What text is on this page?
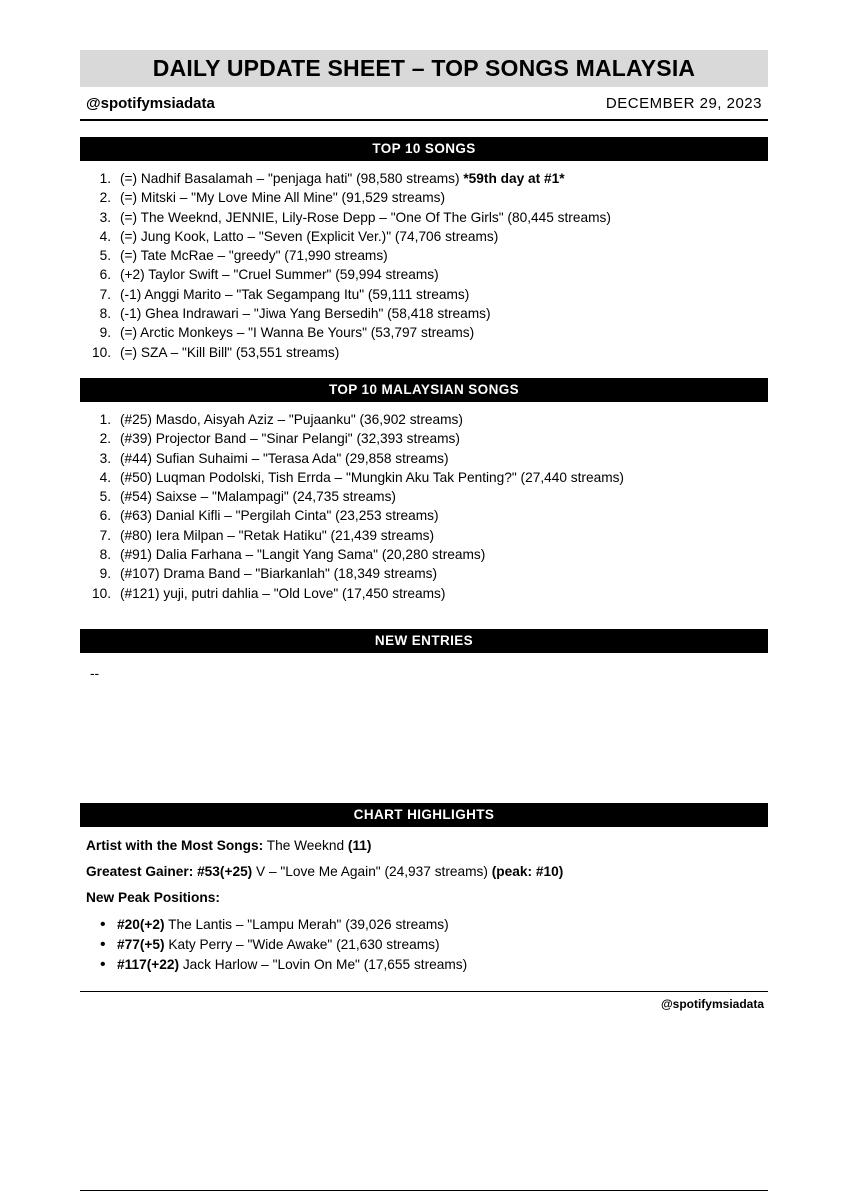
DAILY UPDATE SHEET – TOP SONGS MALAYSIA
@spotifymsiadata	DECEMBER 29, 2023
TOP 10 SONGS
1. (=) Nadhif Basalamah – "penjaga hati" (98,580 streams) *59th day at #1*
2. (=) Mitski – "My Love Mine All Mine" (91,529 streams)
3. (=) The Weeknd, JENNIE, Lily-Rose Depp – "One Of The Girls" (80,445 streams)
4. (=) Jung Kook, Latto – "Seven (Explicit Ver.)" (74,706 streams)
5. (=) Tate McRae – "greedy" (71,990 streams)
6. (+2) Taylor Swift – "Cruel Summer" (59,994 streams)
7. (-1) Anggi Marito – "Tak Segampang Itu" (59,111 streams)
8. (-1) Ghea Indrawari – "Jiwa Yang Bersedih" (58,418 streams)
9. (=) Arctic Monkeys – "I Wanna Be Yours" (53,797 streams)
10. (=) SZA – "Kill Bill" (53,551 streams)
TOP 10 MALAYSIAN SONGS
1. (#25) Masdo, Aisyah Aziz – "Pujaanku" (36,902 streams)
2. (#39) Projector Band – "Sinar Pelangi" (32,393 streams)
3. (#44) Sufian Suhaimi – "Terasa Ada" (29,858 streams)
4. (#50) Luqman Podolski, Tish Errda – "Mungkin Aku Tak Penting?" (27,440 streams)
5. (#54) Saixse – "Malampagi" (24,735 streams)
6. (#63) Danial Kifli – "Pergilah Cinta" (23,253 streams)
7. (#80) Iera Milpan – "Retak Hatiku" (21,439 streams)
8. (#91) Dalia Farhana – "Langit Yang Sama" (20,280 streams)
9. (#107) Drama Band – "Biarkanlah" (18,349 streams)
10. (#121) yuji, putri dahlia – "Old Love" (17,450 streams)
NEW ENTRIES
--
CHART HIGHLIGHTS
Artist with the Most Songs: The Weeknd (11)
Greatest Gainer: #53(+25) V – "Love Me Again" (24,937 streams) (peak: #10)
New Peak Positions:
• #20(+2) The Lantis – "Lampu Merah" (39,026 streams)
• #77(+5) Katy Perry – "Wide Awake" (21,630 streams)
• #117(+22) Jack Harlow – "Lovin On Me" (17,655 streams)
@spotifymsiadata
